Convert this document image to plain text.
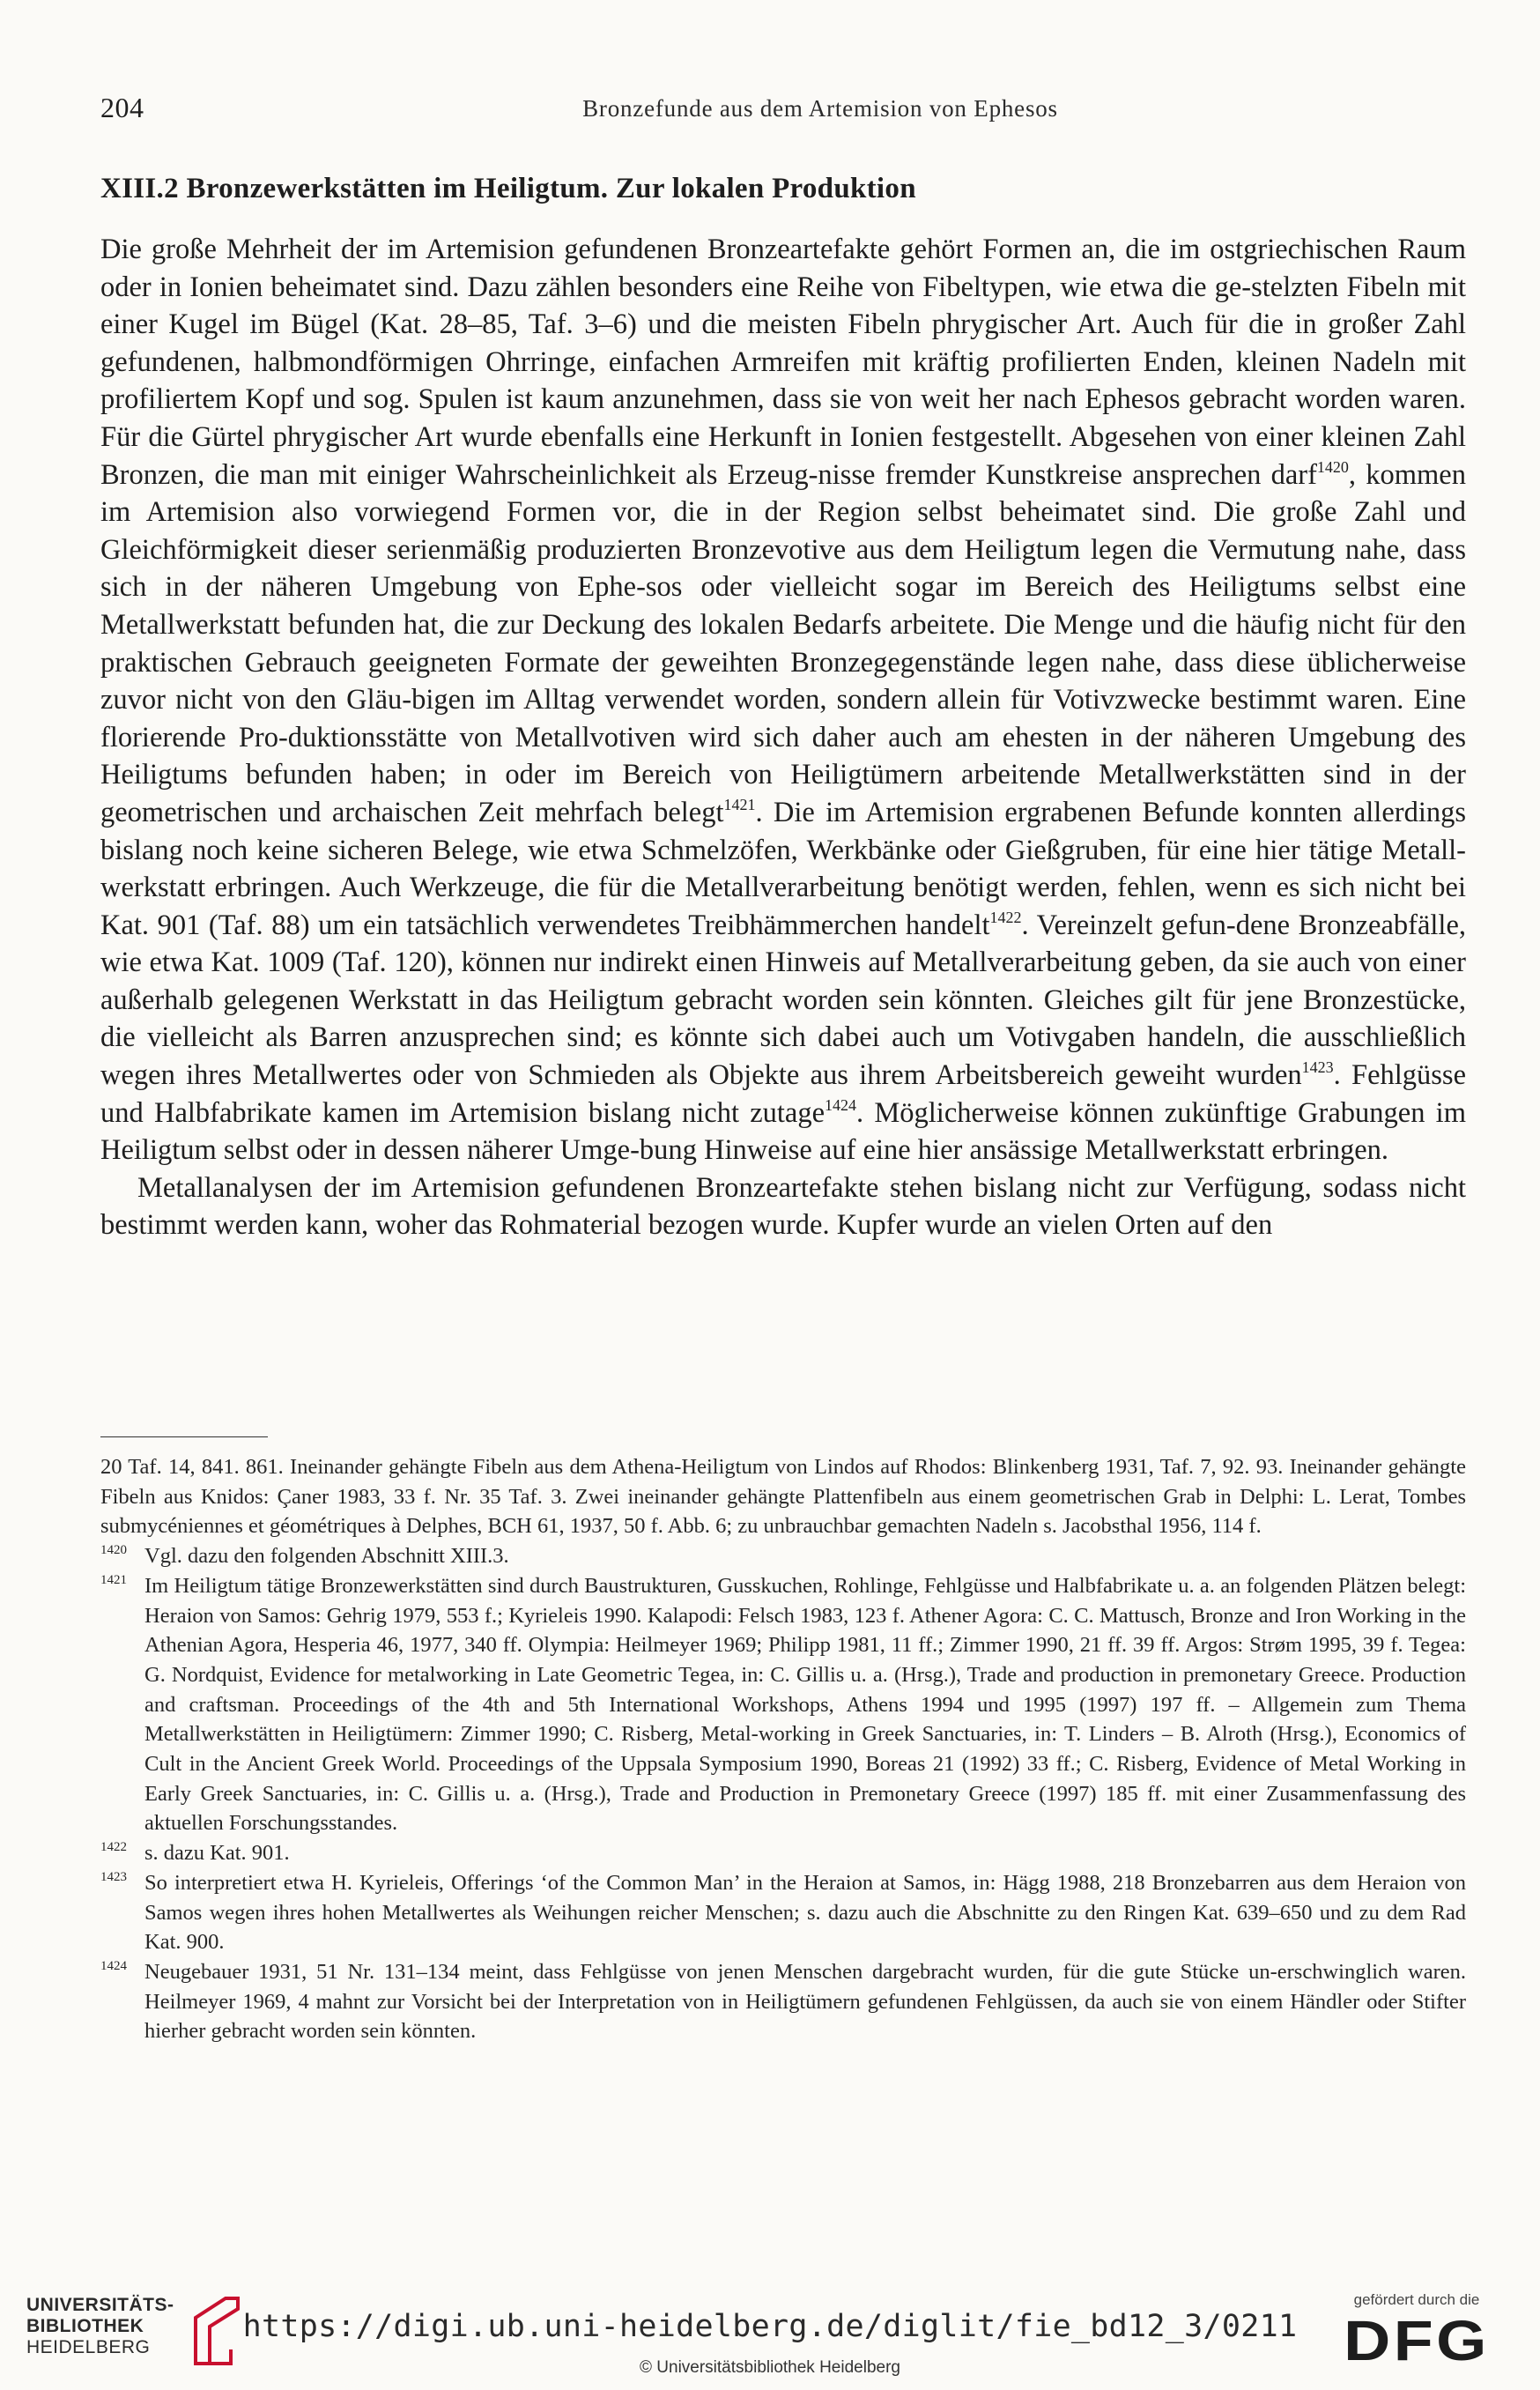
204	Bronzefunde aus dem Artemision von Ephesos
XIII.2 Bronzewerkstätten im Heiligtum. Zur lokalen Produktion

Die große Mehrheit der im Artemision gefundenen Bronzeartefakte gehört Formen an, die im ostgriechischen Raum oder in Ionien beheimatet sind. Dazu zählen besonders eine Reihe von Fibeltypen, wie etwa die ge-stelzten Fibeln mit einer Kugel im Bügel (Kat. 28–85, Taf. 3–6) und die meisten Fibeln phrygischer Art. Auch für die in großer Zahl gefundenen, halbmondförmigen Ohrringe, einfachen Armreifen mit kräftig profilierten Enden, kleinen Nadeln mit profiliertem Kopf und sog. Spulen ist kaum anzunehmen, dass sie von weit her nach Ephesos gebracht worden waren. Für die Gürtel phrygischer Art wurde ebenfalls eine Herkunft in Ionien festgestellt. Abgesehen von einer kleinen Zahl Bronzen, die man mit einiger Wahrscheinlichkeit als Erzeug-nisse fremder Kunstkreise ansprechen darf$^{1420}$, kommen im Artemision also vorwiegend Formen vor, die in der Region selbst beheimatet sind. Die große Zahl und Gleichförmigkeit dieser serienmäßig produzierten Bronzevotive aus dem Heiligtum legen die Vermutung nahe, dass sich in der näheren Umgebung von Ephe-sos oder vielleicht sogar im Bereich des Heiligtums selbst eine Metallwerkstatt befunden hat, die zur Deckung des lokalen Bedarfs arbeitete. Die Menge und die häufig nicht für den praktischen Gebrauch geeigneten Formate der geweihten Bronzegegenstände legen nahe, dass diese üblicherweise zuvor nicht von den Gläu-bigen im Alltag verwendet worden, sondern allein für Votivzwecke bestimmt waren. Eine florierende Pro-duktionsstätte von Metallvotiven wird sich daher auch am ehesten in der näheren Umgebung des Heiligtums befunden haben; in oder im Bereich von Heiligtümern arbeitende Metallwerkstätten sind in der geometrischen und archaischen Zeit mehrfach belegt$^{1421}$. Die im Artemision ergrabenen Befunde konnten allerdings bislang noch keine sicheren Belege, wie etwa Schmelzöfen, Werkbänke oder Gießgruben, für eine hier tätige Metall-werkstatt erbringen. Auch Werkzeuge, die für die Metallverarbeitung benötigt werden, fehlen, wenn es sich nicht bei Kat. 901 (Taf. 88) um ein tatsächlich verwendetes Treibhämmerchen handelt$^{1422}$. Vereinzelt gefun-dene Bronzeabfälle, wie etwa Kat. 1009 (Taf. 120), können nur indirekt einen Hinweis auf Metallverarbeitung geben, da sie auch von einer außerhalb gelegenen Werkstatt in das Heiligtum gebracht worden sein könnten. Gleiches gilt für jene Bronzestücke, die vielleicht als Barren anzusprechen sind; es könnte sich dabei auch um Votivgaben handeln, die ausschließlich wegen ihres Metallwertes oder von Schmieden als Objekte aus ihrem Arbeitsbereich geweiht wurden$^{1423}$. Fehlgüsse und Halbfabrikate kamen im Artemision bislang nicht zutage$^{1424}$. Möglicherweise können zukünftige Grabungen im Heiligtum selbst oder in dessen näherer Umge-bung Hinweise auf eine hier ansässige Metallwerkstatt erbringen.

Metallanalysen der im Artemision gefundenen Bronzeartefakte stehen bislang nicht zur Verfügung, sodass nicht bestimmt werden kann, woher das Rohmaterial bezogen wurde. Kupfer wurde an vielen Orten auf den

20 Taf. 14, 841. 861. Ineinander gehängte Fibeln aus dem Athena-Heiligtum von Lindos auf Rhodos: Blinkenberg 1931, Taf. 7, 92. 93. Ineinander gehängte Fibeln aus Knidos: Çaner 1983, 33 f. Nr. 35 Taf. 3. Zwei ineinander gehängte Plattenfibeln aus einem geometrischen Grab in Delphi: L. Lerat, Tombes submycéniennes et géométriques à Delphes, BCH 61, 1937, 50 f. Abb. 6; zu unbrauchbar gemachten Nadeln s. Jacobsthal 1956, 114 f.

1420 Vgl. dazu den folgenden Abschnitt XIII.3.

1421 Im Heiligtum tätige Bronzewerkstätten sind durch Baustrukturen, Gusskuchen, Rohlinge, Fehlgüsse und Halbfabrikate u. a. an folgenden Plätzen belegt: Heraion von Samos: Gehrig 1979, 553 f.; Kyrieleis 1990. Kalapodi: Felsch 1983, 123 f. Athener Agora: C. C. Mattusch, Bronze and Iron Working in the Athenian Agora, Hesperia 46, 1977, 340 ff. Olympia: Heilmeyer 1969; Philipp 1981, 11 ff.; Zimmer 1990, 21 ff. 39 ff. Argos: Strøm 1995, 39 f. Tegea: G. Nordquist, Evidence for metalworking in Late Geometric Tegea, in: C. Gillis u. a. (Hrsg.), Trade and production in premonetary Greece. Production and craftsman. Proceedings of the 4th and 5th International Workshops, Athens 1994 und 1995 (1997) 197 ff. – Allgemein zum Thema Metallwerkstätten in Heiligtümern: Zimmer 1990; C. Risberg, Metal-working in Greek Sanctuaries, in: T. Linders – B. Alroth (Hrsg.), Economics of Cult in the Ancient Greek World. Proceedings of the Uppsala Symposium 1990, Boreas 21 (1992) 33 ff.; C. Risberg, Evidence of Metal Working in Early Greek Sanctuaries, in: C. Gillis u. a. (Hrsg.), Trade and Production in Premonetary Greece (1997) 185 ff. mit einer Zusammenfassung des aktuellen Forschungsstandes.

1422 s. dazu Kat. 901.

1423 So interpretiert etwa H. Kyrieleis, Offerings ‘of the Common Man’ in the Heraion at Samos, in: Hägg 1988, 218 Bronzebarren aus dem Heraion von Samos wegen ihres hohen Metallwertes als Weihungen reicher Menschen; s. dazu auch die Abschnitte zu den Ringen Kat. 639–650 und zu dem Rad Kat. 900.

1424 Neugebauer 1931, 51 Nr. 131–134 meint, dass Fehlgüsse von jenen Menschen dargebracht wurden, für die gute Stücke un-erschwinglich waren. Heilmeyer 1969, 4 mahnt zur Vorsicht bei der Interpretation von in Heiligtümern gefundenen Fehlgüssen, da auch sie von einem Händler oder Stifter hierher gebracht worden sein könnten.

UNIVERSITÄTS-
BIBLIOTHEK
HEIDELBERG
https://digi.ub.uni-heidelberg.de/diglit/fie_bd12_3/0211
© Universitätsbibliothek Heidelberg
gefördert durch die
DFG
